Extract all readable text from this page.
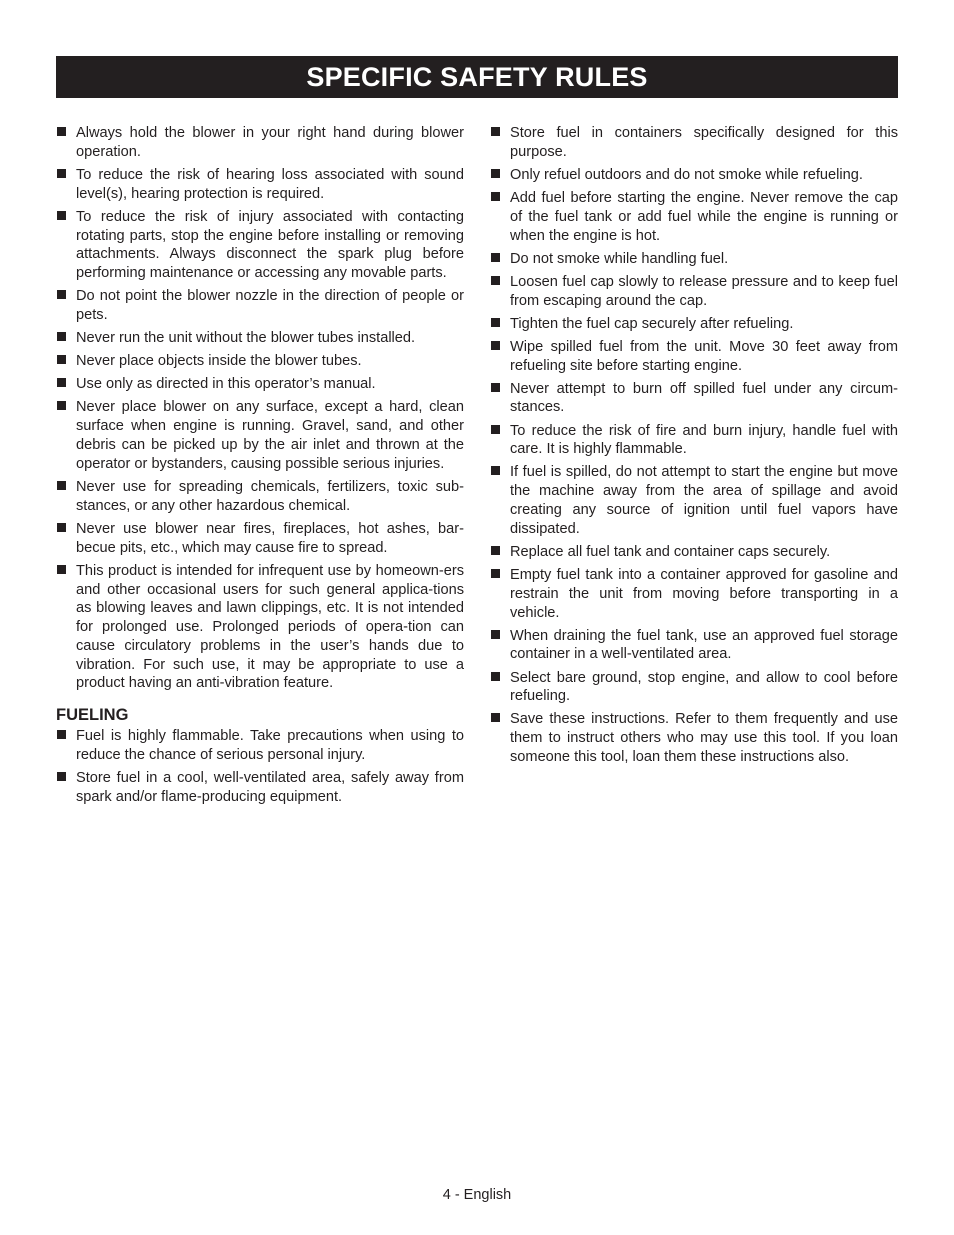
SPECIFIC SAFETY RULES
Always hold the blower in your right hand during blower operation.
To reduce the risk of hearing loss associated with sound level(s), hearing protection is required.
To reduce the risk of injury associated with contacting rotating parts, stop the engine before installing or removing attachments. Always disconnect the spark plug before performing maintenance or accessing any movable parts.
Do not point the blower nozzle in the direction of people or pets.
Never run the unit without the blower tubes installed.
Never place objects inside the blower tubes.
Use only as directed in this operator’s manual.
Never place blower on any surface, except a hard, clean surface when engine is running. Gravel, sand, and other debris can be picked up by the air inlet and thrown at the operator or bystanders, causing possible serious injuries.
Never use for spreading chemicals, fertilizers, toxic sub-stances, or any other hazardous chemical.
Never use blower near fires, fireplaces, hot ashes, bar-becue pits, etc., which may cause fire to spread.
This product is intended for infrequent use by homeown-ers and other occasional users for such general applica-tions as blowing leaves and lawn clippings, etc. It is not intended for prolonged use. Prolonged periods of opera-tion can cause circulatory problems in the user’s hands due to vibration. For such use, it may be appropriate to use a product having an anti-vibration feature.
FUELING
Fuel is highly flammable. Take precautions when using to reduce the chance of serious personal injury.
Store fuel in a cool, well-ventilated area, safely away from spark and/or flame-producing equipment.
Store fuel in containers specifically designed for this purpose.
Only refuel outdoors and do not smoke while refueling.
Add fuel before starting the engine. Never remove the cap of the fuel tank or add fuel while the engine is running or when the engine is hot.
Do not smoke while handling fuel.
Loosen fuel cap slowly to release pressure and to keep fuel from escaping around the cap.
Tighten the fuel cap securely after refueling.
Wipe spilled fuel from the unit. Move 30 feet away from refueling site before starting engine.
Never attempt to burn off spilled fuel under any circum-stances.
To reduce the risk of fire and burn injury, handle fuel with care. It is highly flammable.
If fuel is spilled, do not attempt to start the engine but move the machine away from the area of spillage and avoid creating any source of ignition until fuel vapors have dissipated.
Replace all fuel tank and container caps securely.
Empty fuel tank into a container approved for gasoline and restrain the unit from moving before transporting in a vehicle.
When draining the fuel tank, use an approved fuel storage container in a well-ventilated area.
Select bare ground, stop engine, and allow to cool before refueling.
Save these instructions. Refer to them frequently and use them to instruct others who may use this tool. If you loan someone this tool, loan them these instructions also.
4 - English
